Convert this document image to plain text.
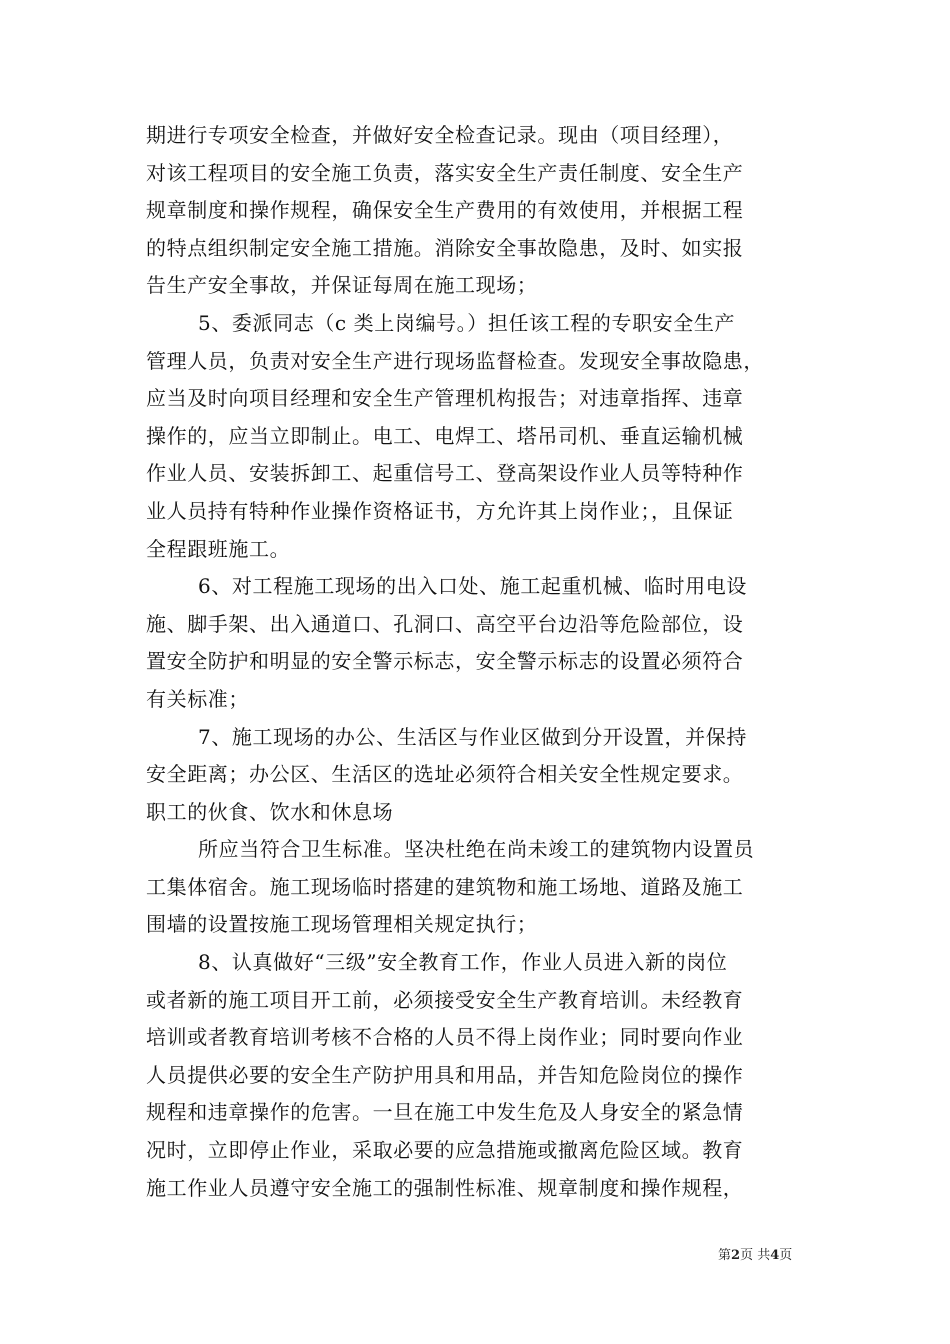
期进行专项安全检查，并做好安全检查记录。现由（项目经理），
对该工程项目的安全施工负责，落实安全生产责任制度、安全生产
规章制度和操作规程，确保安全生产费用的有效使用，并根据工程
的特点组织制定安全施工措施。消除安全事故隐患，及时、如实报
告生产安全事故，并保证每周在施工现场；
5、委派同志（c 类上岗编号。）担任该工程的专职安全生产
管理人员，负责对安全生产进行现场监督检查。发现安全事故隐患，
应当及时向项目经理和安全生产管理机构报告；对违章指挥、违章
操作的，应当立即制止。电工、电焊工、塔吊司机、垂直运输机械
作业人员、安装拆卸工、起重信号工、登高架设作业人员等特种作
业人员持有特种作业操作资格证书，方允许其上岗作业；，且保证
全程跟班施工。
6、对工程施工现场的出入口处、施工起重机械、临时用电设
施、脚手架、出入通道口、孔洞口、高空平台边沿等危险部位，设
置安全防护和明显的安全警示标志，安全警示标志的设置必须符合
有关标准；
7、施工现场的办公、生活区与作业区做到分开设置，并保持
安全距离；办公区、生活区的选址必须符合相关安全性规定要求。
职工的伙食、饮水和休息场
所应当符合卫生标准。坚决杜绝在尚未竣工的建筑物内设置员
工集体宿舍。施工现场临时搭建的建筑物和施工场地、道路及施工
围墙的设置按施工现场管理相关规定执行；
8、认真做好“三级”安全教育工作，作业人员进入新的岗位
或者新的施工项目开工前，必须接受安全生产教育培训。未经教育
培训或者教育培训考核不合格的人员不得上岗作业；同时要向作业
人员提供必要的安全生产防护用具和用品，并告知危险岗位的操作
规程和违章操作的危害。一旦在施工中发生危及人身安全的紧急情
况时，立即停止作业，采取必要的应急措施或撤离危险区域。教育
施工作业人员遵守安全施工的强制性标准、规章制度和操作规程，
第2页 共4页
